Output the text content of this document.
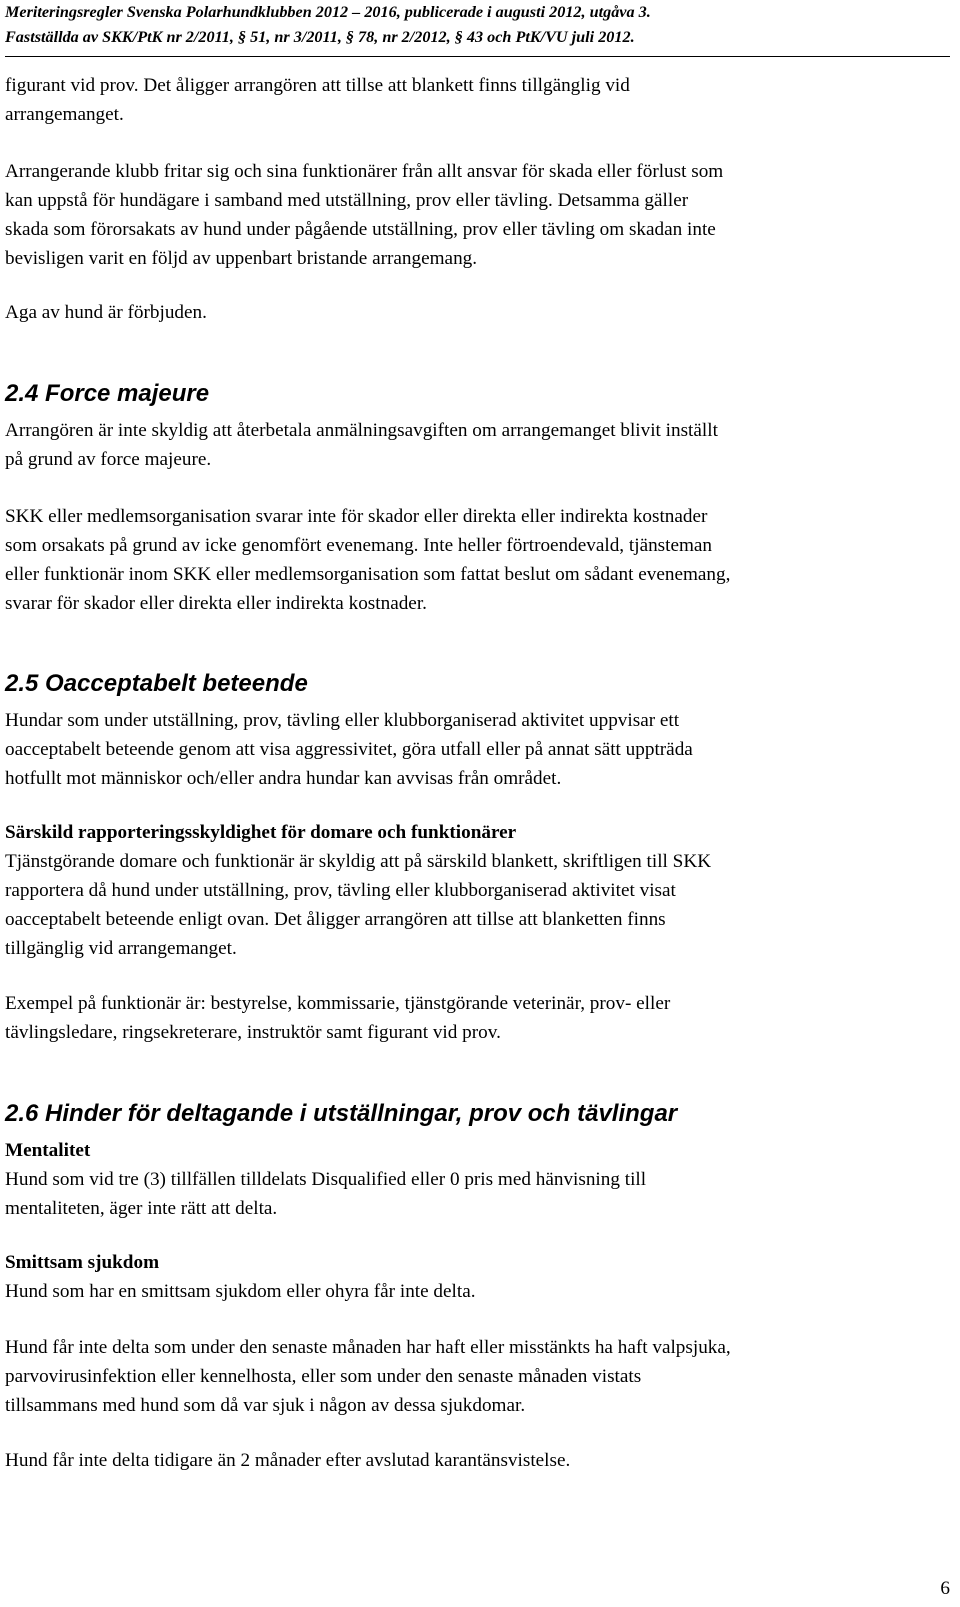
Meriteringsregler Svenska Polarhundklubben 2012 – 2016, publicerade i augusti 2012, utgåva 3.
Fastställda av SKK/PtK nr 2/2011, § 51, nr 3/2011, § 78, nr 2/2012, § 43 och PtK/VU juli 2012.

figurant vid prov. Det åligger arrangören att tillse att blankett finns tillgänglig vid

arrangemanget.

Arrangerande klubb fritar sig och sina funktionärer från allt ansvar för skada eller förlust som

kan uppstå för hundägare i samband med utställning, prov eller tävling. Detsamma gäller

skada som förorsakats av hund under pågående utställning, prov eller tävling om skadan inte

bevisligen varit en följd av uppenbart bristande arrangemang.

Aga av hund är förbjuden.

2.4 Force majeure

Arrangören är inte skyldig att återbetala anmälningsavgiften om arrangemanget blivit inställt

på grund av force majeure.

SKK eller medlemsorganisation svarar inte för skador eller direkta eller indirekta kostnader

som orsakats på grund av icke genomfört evenemang. Inte heller förtroendevald, tjänsteman

eller funktionär inom SKK eller medlemsorganisation som fattat beslut om sådant evenemang,

svarar för skador eller direkta eller indirekta kostnader.

2.5 Oacceptabelt beteende

Hundar som under utställning, prov, tävling eller klubborganiserad aktivitet uppvisar ett

oacceptabelt beteende genom att visa aggressivitet, göra utfall eller på annat sätt uppträda

hotfullt mot människor och/eller andra hundar kan avvisas från området.

Särskild rapporteringsskyldighet för domare och funktionärer

Tjänstgörande domare och funktionär är skyldig att på särskild blankett, skriftligen till SKK

rapportera då hund under utställning, prov, tävling eller klubborganiserad aktivitet visat

oacceptabelt beteende enligt ovan. Det åligger arrangören att tillse att blanketten finns

tillgänglig vid arrangemanget.

Exempel på funktionär är: bestyrelse, kommissarie, tjänstgörande veterinär, prov- eller

tävlingsledare, ringsekreterare, instruktör samt figurant vid prov.

2.6 Hinder för deltagande i utställningar, prov och tävlingar
Mentalitet

Hund som vid tre (3) tillfällen tilldelats Disqualified eller 0 pris med hänvisning till

mentaliteten, äger inte rätt att delta.

Smittsam sjukdom

Hund som har en smittsam sjukdom eller ohyra får inte delta.

Hund får inte delta som under den senaste månaden har haft eller misstänkts ha haft valpsjuka,

parvovirusinfektion eller kennelhosta, eller som under den senaste månaden vistats

tillsammans med hund som då var sjuk i någon av dessa sjukdomar.

Hund får inte delta tidigare än 2 månader efter avslutad karantänsvistelse.

6
